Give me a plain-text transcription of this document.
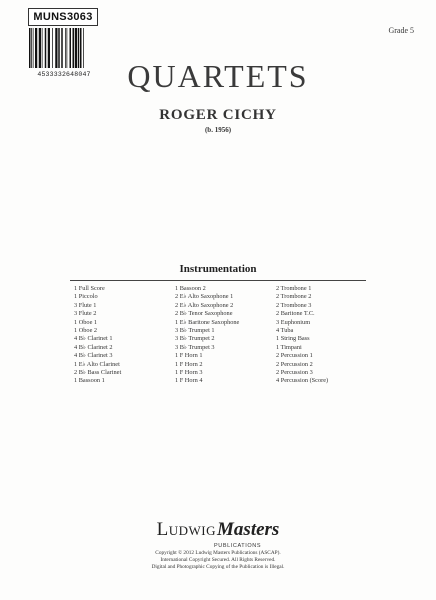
MUNS3063
4533332648047
Grade 5
QUARTETS
ROGER CICHY
(b. 1956)
Instrumentation
1 Full Score
1 Piccolo
3 Flute 1
3 Flute 2
1 Oboe 1
1 Oboe 2
4 B♭ Clarinet 1
4 B♭ Clarinet 2
4 B♭ Clarinet 3
1 E♭ Alto Clarinet
2 B♭ Bass Clarinet
1 Bassoon 1
1 Bassoon 2
2 E♭ Alto Saxophone 1
2 E♭ Alto Saxophone 2
2 B♭ Tenor Saxophone
1 E♭ Baritone Saxophone
3 B♭ Trumpet 1
3 B♭ Trumpet 2
3 B♭ Trumpet 3
1 F Horn 1
1 F Horn 2
1 F Horn 3
1 F Horn 4
2 Trombone 1
2 Trombone 2
2 Trombone 3
2 Baritone T.C.
3 Euphonium
4 Tuba
1 String Bass
1 Timpani
2 Percussion 1
2 Percussion 2
2 Percussion 3
4 Percussion (Score)
LudwigMasters
PUBLICATIONS
Copyright © 2012 Ludwig Masters Publications (ASCAP).
International Copyright Secured. All Rights Reserved.
Digital and Photographic Copying of the Publication is Illegal.
